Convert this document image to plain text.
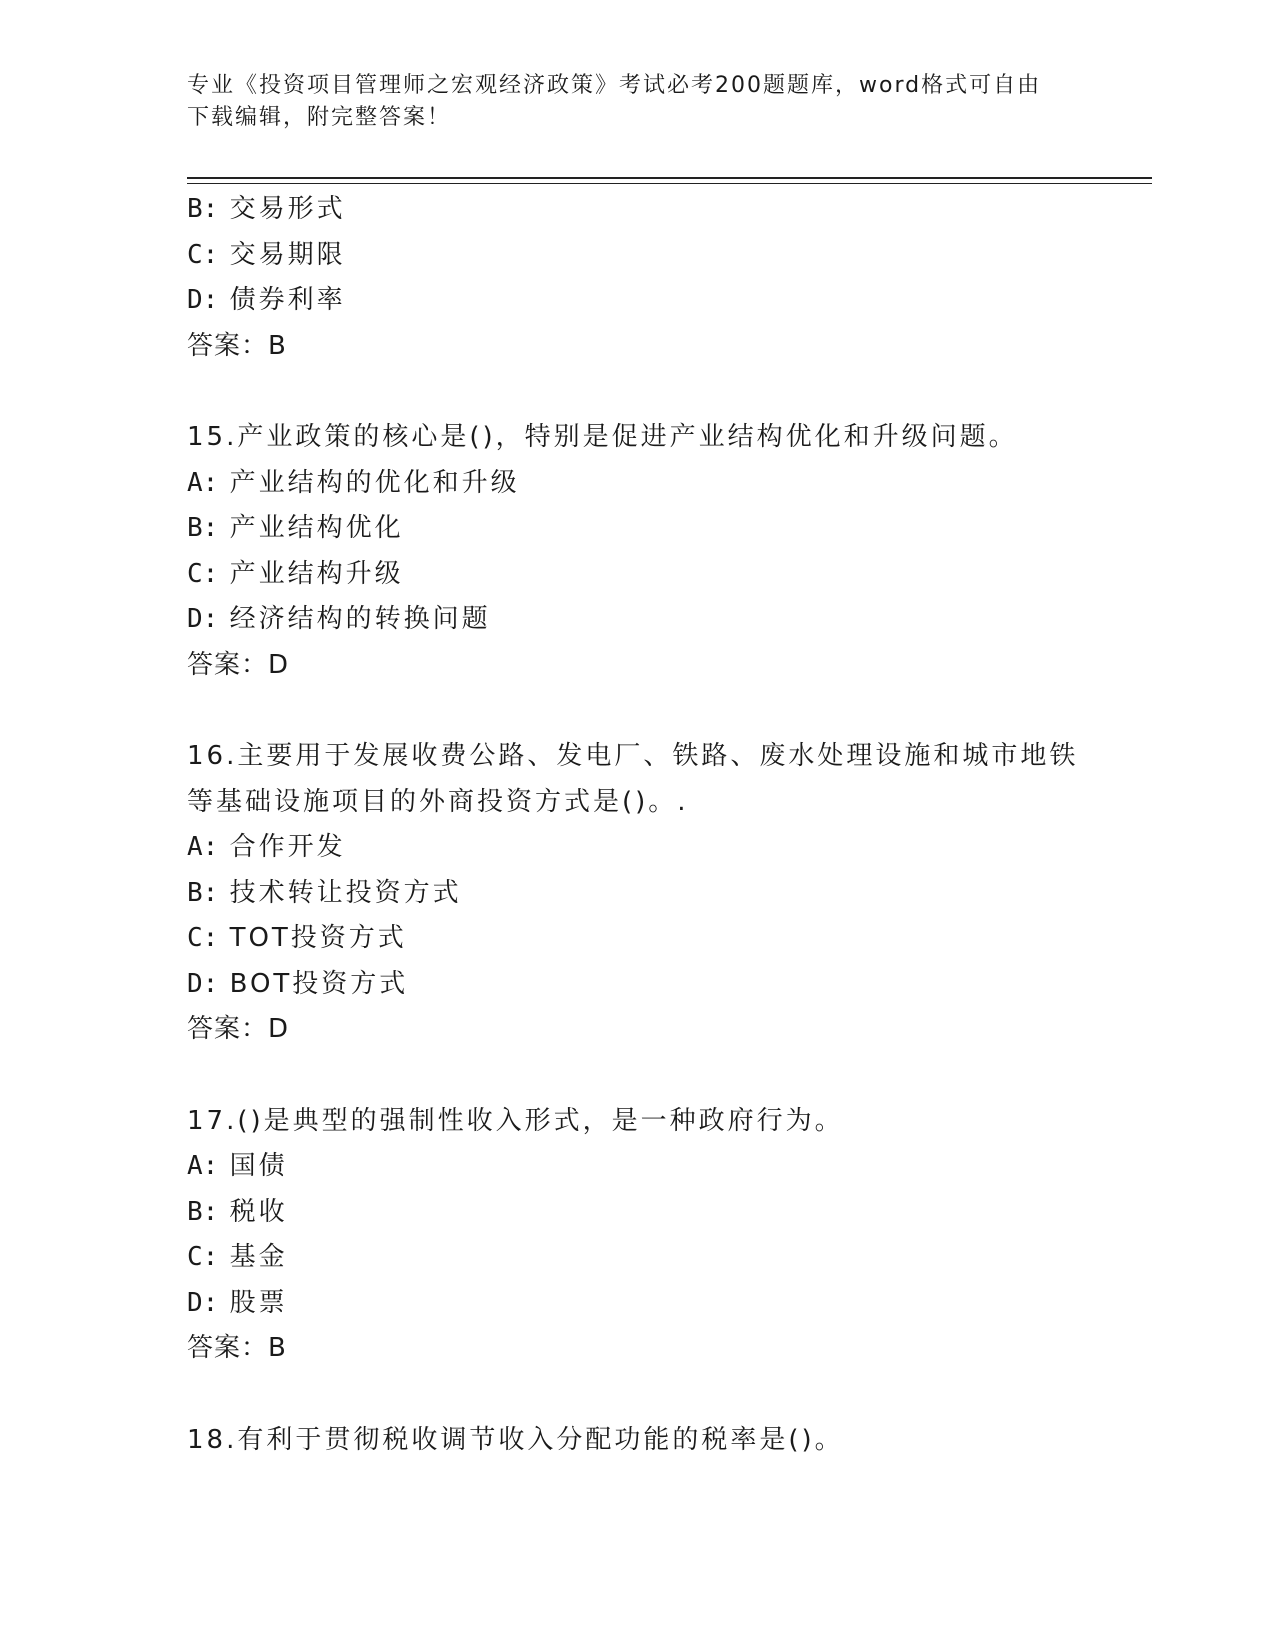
专业《投资项目管理师之宏观经济政策》考试必考200题题库，word格式可自由
下载编辑，附完整答案！
B: 交易形式
C: 交易期限
D: 债券利率
答案：B
15.产业政策的核心是()，特别是促进产业结构优化和升级问题。
A: 产业结构的优化和升级
B: 产业结构优化
C: 产业结构升级
D: 经济结构的转换问题
答案：D
16.主要用于发展收费公路、发电厂、铁路、废水处理设施和城市地铁
等基础设施项目的外商投资方式是()。.
A: 合作开发
B: 技术转让投资方式
C: TOT投资方式
D: BOT投资方式
答案：D
17.()是典型的强制性收入形式，是一种政府行为。
A: 国债
B: 税收
C: 基金
D: 股票
答案：B
18.有利于贯彻税收调节收入分配功能的税率是()。
